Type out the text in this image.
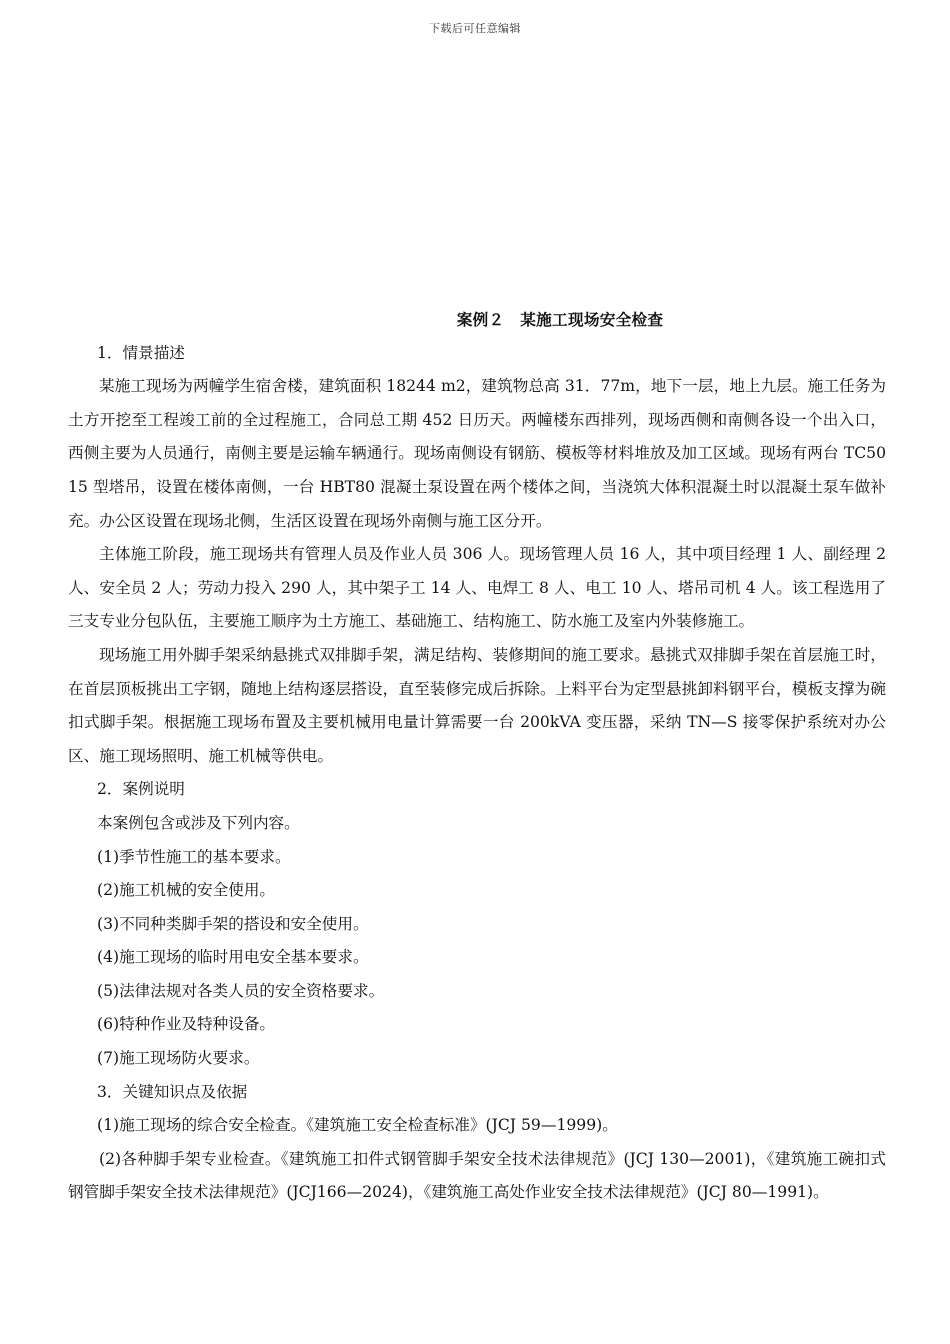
下载后可任意编辑
案例２　某施工现场安全检查
1．情景描述

某施工现场为两幢学生宿舍楼，建筑面积 18244 m2，建筑物总高 31．77m，地下一层，地上九层。施工任务为土方开挖至工程竣工前的全过程施工，合同总工期 452 日历天。两幢楼东西排列，现场西侧和南侧各设一个出入口，西侧主要为人员通行，南侧主要是运输车辆通行。现场南侧设有钢筋、模板等材料堆放及加工区域。现场有两台 TC5015 型塔吊，设置在楼体南侧，一台 HBT80 混凝土泵设置在两个楼体之间，当浇筑大体积混凝土时以混凝土泵车做补充。办公区设置在现场北侧，生活区设置在现场外南侧与施工区分开。

主体施工阶段，施工现场共有管理人员及作业人员 306 人。现场管理人员 16 人，其中项目经理 1 人、副经理 2 人、安全员 2 人；劳动力投入 290 人，其中架子工 14 人、电焊工 8 人、电工 10 人、塔吊司机 4 人。该工程选用了三支专业分包队伍，主要施工顺序为土方施工、基础施工、结构施工、防水施工及室内外装修施工。

现场施工用外脚手架采纳悬挑式双排脚手架，满足结构、装修期间的施工要求。悬挑式双排脚手架在首层施工时，在首层顶板挑出工字钢，随地上结构逐层搭设，直至装修完成后拆除。上料平台为定型悬挑卸料钢平台，模板支撑为碗扣式脚手架。根据施工现场布置及主要机械用电量计算需要一台 200kVA 变压器，采纳 TN—S 接零保护系统对办公区、施工现场照明、施工机械等供电。

2．案例说明
本案例包含或涉及下列内容。
(1)季节性施工的基本要求。
(2)施工机械的安全使用。
(3)不同种类脚手架的搭设和安全使用。
(4)施工现场的临时用电安全基本要求。
(5)法律法规对各类人员的安全资格要求。
(6)特种作业及特种设备。
(7)施工现场防火要求。
3．关键知识点及依据
(1)施工现场的综合安全检查。《建筑施工安全检查标准》(JCJ 59—1999)。

(2)各种脚手架专业检查。《建筑施工扣件式钢管脚手架安全技术法律规范》(JCJ 130—2001)，《建筑施工碗扣式钢管脚手架安全技术法律规范》(JCJ166—2024)，《建筑施工高处作业安全技术法律规范》(JCJ 80—1991)。
